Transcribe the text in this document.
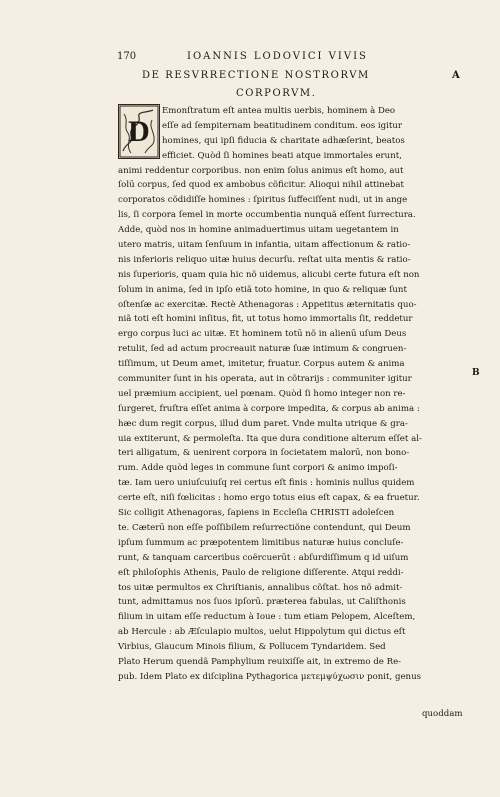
170	IOANNIS LODOVICI VIVIS
DE RESVRRECTIONE NOSTRORVM	A
CORPORVM.
D
Emonſtratum eſt antea multis uerbis, hominem à Deo
eſſe ad ſempiternam beatitudinem conditum. eos igitur
homines, qui ipſi fiducia & charitate adhæſerint, beatos
efficiet. Quòd ſi homines beati atque immortales erunt,
animi reddentur corporibus. non enim ſolus animus eſt homo, aut
ſolū corpus, ſed quod ex ambobus cõficitur. Alioqui nihil attinebat
corporatos cõdidiſſe homines : ſpiritus ſuffeciſſent nudi, ut in ange
lis, ſi corpora ſemel in morte occumbentia nunquã eſſent ſurrectura.
Adde, quòd nos in homine animaduertimus uitam uegetantem in
utero matris, uitam ſenſuum in infantia, uitam affectionum & ratio-
nis inferioris reliquo uitæ huius decurſu. reſtat uita mentis & ratio-
nis ſuperioris, quam quia hic nõ uidemus, alicubi certe futura eſt non
ſolum in anima, ſed in ipſo etiã toto homine, in quo & reliquæ ſunt
oſtenſæ ac exercitæ. Rectè Athenagoras : Appetitus æternitatis quo-
niã toti eſt homini inſitus, fit, ut totus homo immortalis ſit, reddetur
ergo corpus luci ac uitæ. Et hominem totū nõ in alienū uſum Deus
retulit, ſed ad actum procreauit naturæ ſuæ intimum & congruen-
tiſſimum, ut Deum amet, imitetur, fruatur. Corpus autem & anima
communiter ſunt in his operata, aut in cõtrarijs : communiter igitur
uel præmium accipient, uel pœnam. Quòd ſi homo integer non re-
ſurgeret, fruſtra eſſet anima à corpore impedita, & corpus ab anima :
hæc dum regit corpus, illud dum paret. Vnde multa utrique & gra-
uia extiterunt, & permoleſta. Ita que dura conditione alterum eſſet al-
teri alligatum, & uenirent corpora in ſocietatem malorū, non bono-
rum. Adde quòd leges in commune ſunt corpori & animo impoſi-
tæ. Iam uero uniuſcuiuſq rei certus eſt finis : hominis nullus quidem
certe eſt, niſi fœlicitas : homo ergo totus eius eſt capax, & ea fruetur.
Sic colligit Athenagoras, ſapiens in Eccleſia CHRISTI adoleſcen
te. Cæterū non eſſe poſſibilem reſurrectiõne contendunt, qui Deum
ipſum ſummum ac præpotentem limitibus naturæ huius concluſe-
runt, & tanquam carceribus coërcuerūt : abſurdiſſimum q id uiſum
eſt philoſophis Athenis, Paulo de religione diſſerente. Atqui reddi-
tos uitæ permultos ex Chriſtianis, annalibus cõſtat. hos nõ admit-
tunt, admittamus nos ſuos ipſorū. præterea fabulas, ut Caliſthonis
filium in uitam eſſe reductum à Ioue : tum etiam Pelopem, Alceſtem,
ab Hercule : ab Æſculapio multos, uelut Hippolytum qui dictus eſt
Virbius, Glaucum Minois filium, & Pollucem Tyndaridem. Sed
Plato Herum quendã Pamphylium reuixiſſe ait, in extremo de Re-
pub. Idem Plato ex diſciplina Pythagorica μετεμψύχωσιν ponit, genus
B
quoddam
